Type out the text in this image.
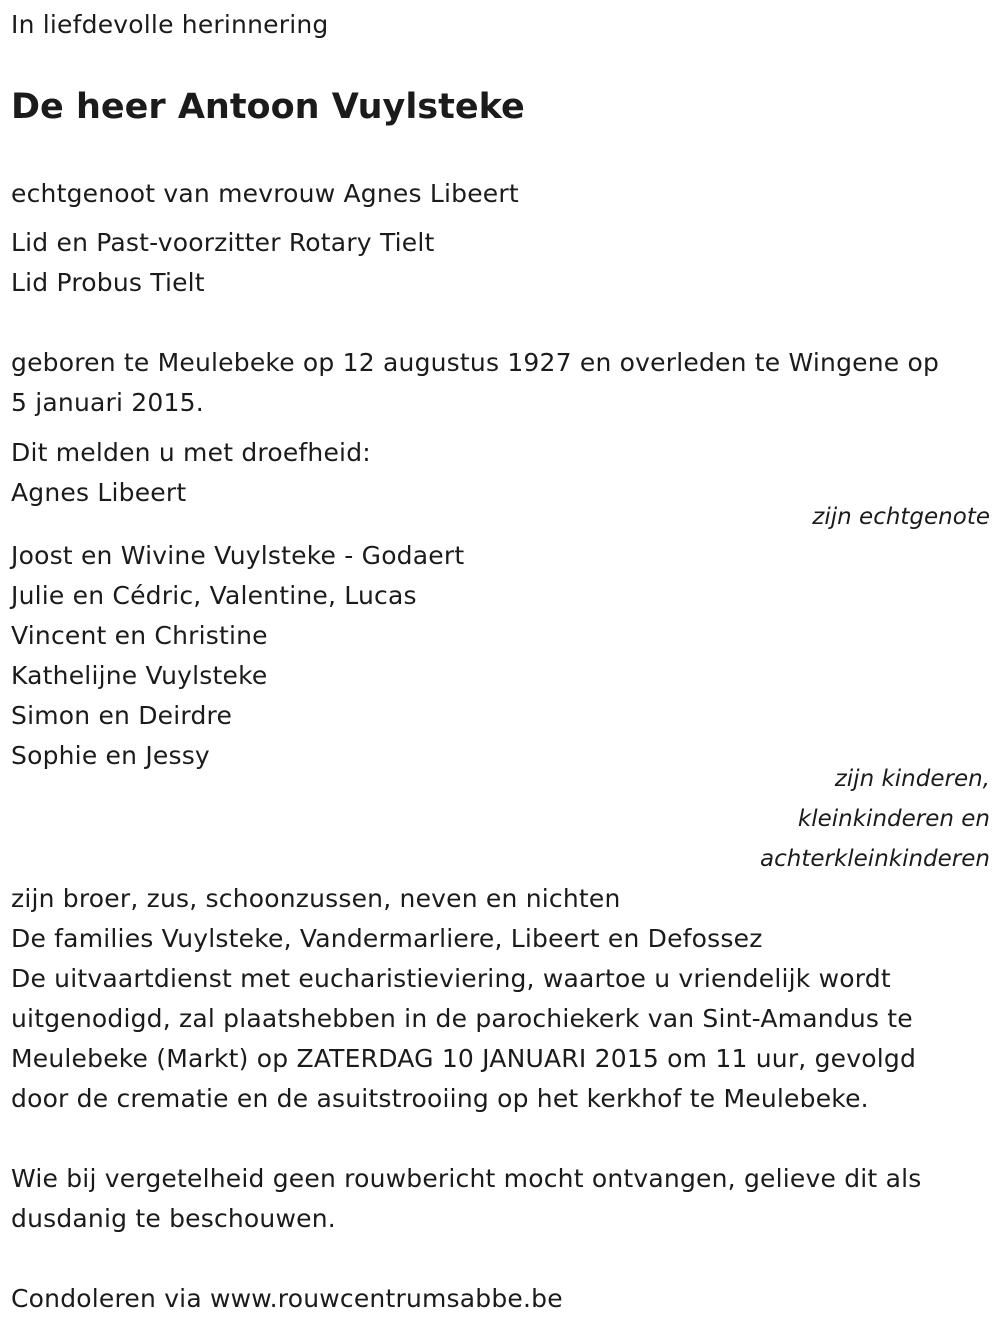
In liefdevolle herinnering
De heer Antoon Vuylsteke
echtgenoot van mevrouw Agnes Libeert
Lid en Past-voorzitter Rotary Tielt
Lid Probus Tielt
geboren te Meulebeke op 12 augustus 1927 en overleden te Wingene op
5 januari 2015.
Dit melden u met droefheid:
Agnes Libeert
zijn echtgenote
Joost en Wivine Vuylsteke - Godaert
Julie en Cédric, Valentine, Lucas
Vincent en Christine
Kathelijne Vuylsteke
Simon en Deirdre
Sophie en Jessy
zijn kinderen,
kleinkinderen en
achterkleinkinderen
zijn broer, zus, schoonzussen, neven en nichten
De families Vuylsteke, Vandermarliere, Libeert en Defossez
De uitvaartdienst met eucharistieviering, waartoe u vriendelijk wordt
uitgenodigd, zal plaatshebben in de parochiekerk van Sint-Amandus te
Meulebeke (Markt) op ZATERDAG 10 JANUARI 2015 om 11 uur, gevolgd
door de crematie en de asuitstrooiing op het kerkhof te Meulebeke.
Wie bij vergetelheid geen rouwbericht mocht ontvangen, gelieve dit als
dusdanig te beschouwen.
Condoleren via www.rouwcentrumsabbe.be
